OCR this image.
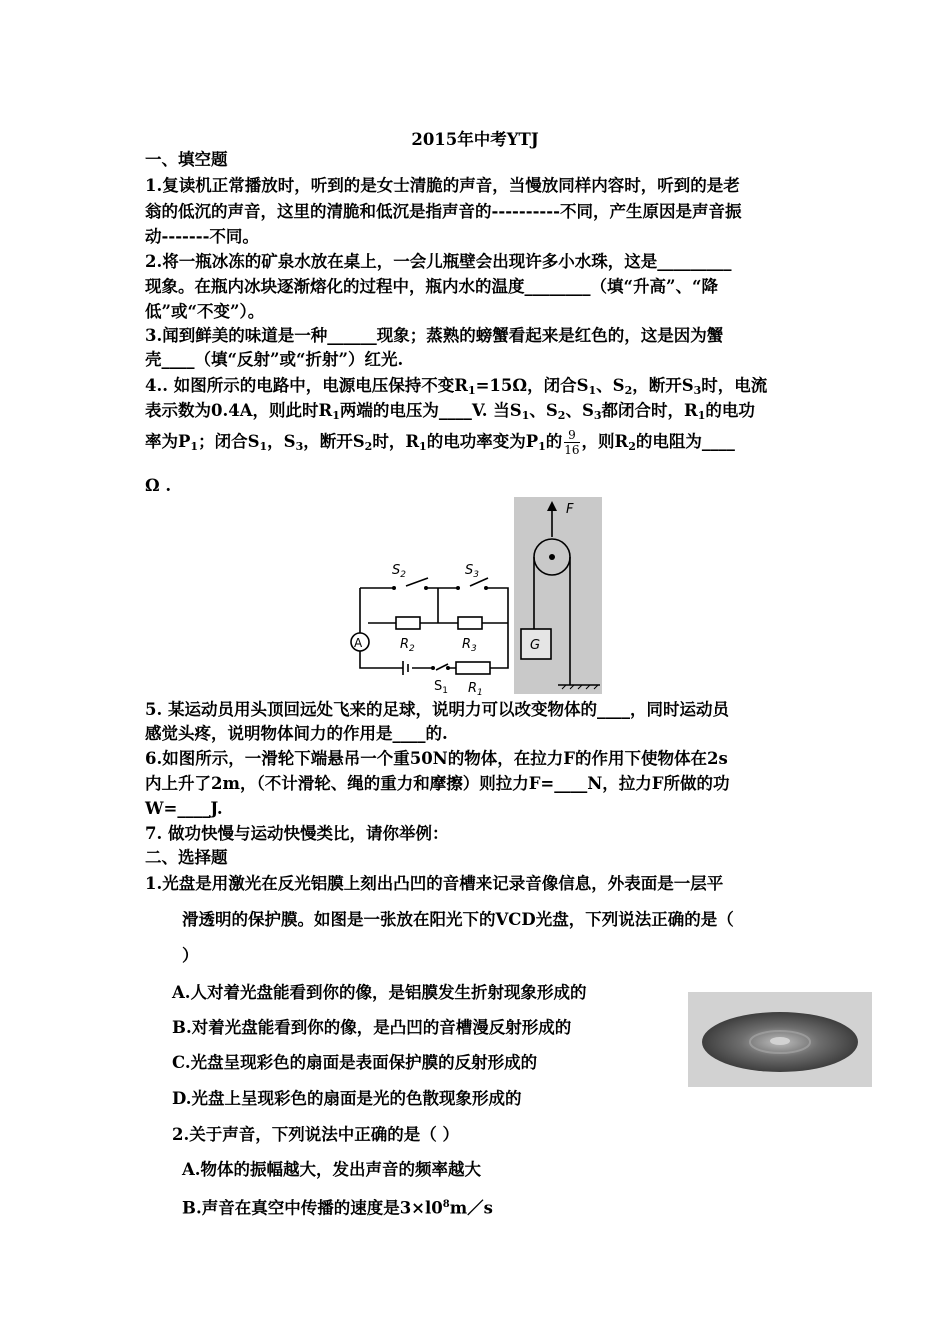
2015年中考YTJ
一、填空题
1.复读机正常播放时，听到的是女士清脆的声音，当慢放同样内容时，听到的是老
翁的低沉的声音，这里的清脆和低沉是指声音的----------不同，产生原因是声音振
动-------不同。
2.将一瓶冰冻的矿泉水放在桌上，一会儿瓶壁会出现许多小水珠，这是_________
现象。在瓶内冰块逐渐熔化的过程中，瓶内水的温度________（填“升高”、“降
低”或“不变”）。
3.闻到鲜美的味道是一种______现象；蒸熟的螃蟹看起来是红色的，这是因为蟹
壳____（填“反射”或“折射”）红光.
4.. 如图所示的电路中，电源电压保持不变$R_1=15\Omega$，闭合$S_1$、$S_2$，断开$S_3$时，电流
表示数为0.4A，则此时$R_1$两端的电压为____V. 当$S_1$、$S_2$、$S_3$都闭合时，$R_1$的电功
率为$P_1$；闭合$S_1$，$S_3$，断开$S_2$时，$R_1$的电功率变为$P_1$的 $\frac{9}{16}$ ，则$R_2$的电阻为____
Ω .
$S_2$	$S_3$
$R_2$	$R_3$
$S_1$ $R_1$
A
F
G
5. 某运动员用头顶回远处飞来的足球，说明力可以改变物体的____，同时运动员
感觉头疼，说明物体间力的作用是____的.
6.如图所示，一滑轮下端悬吊一个重50N的物体，在拉力F的作用下使物体在2s
内上升了2m，（不计滑轮、绳的重力和摩擦）则拉力F=____N，拉力F所做的功
W=____J.
7. 做功快慢与运动快慢类比，请你举例：
二、选择题
1.光盘是用激光在反光铝膜上刻出凸凹的音槽来记录音像信息，外表面是一层平
滑透明的保护膜。如图是一张放在阳光下的VCD光盘，下列说法正确的是（
）
A.人对着光盘能看到你的像，是铝膜发生折射现象形成的
B.对着光盘能看到你的像，是凸凹的音槽漫反射形成的
C.光盘呈现彩色的扇面是表面保护膜的反射形成的
D.光盘上呈现彩色的扇面是光的色散现象形成的
2.关于声音，下列说法中正确的是（ ）
A.物体的振幅越大，发出声音的频率越大
B.声音在真空中传播的速度是$3\times l0^8m/s$
